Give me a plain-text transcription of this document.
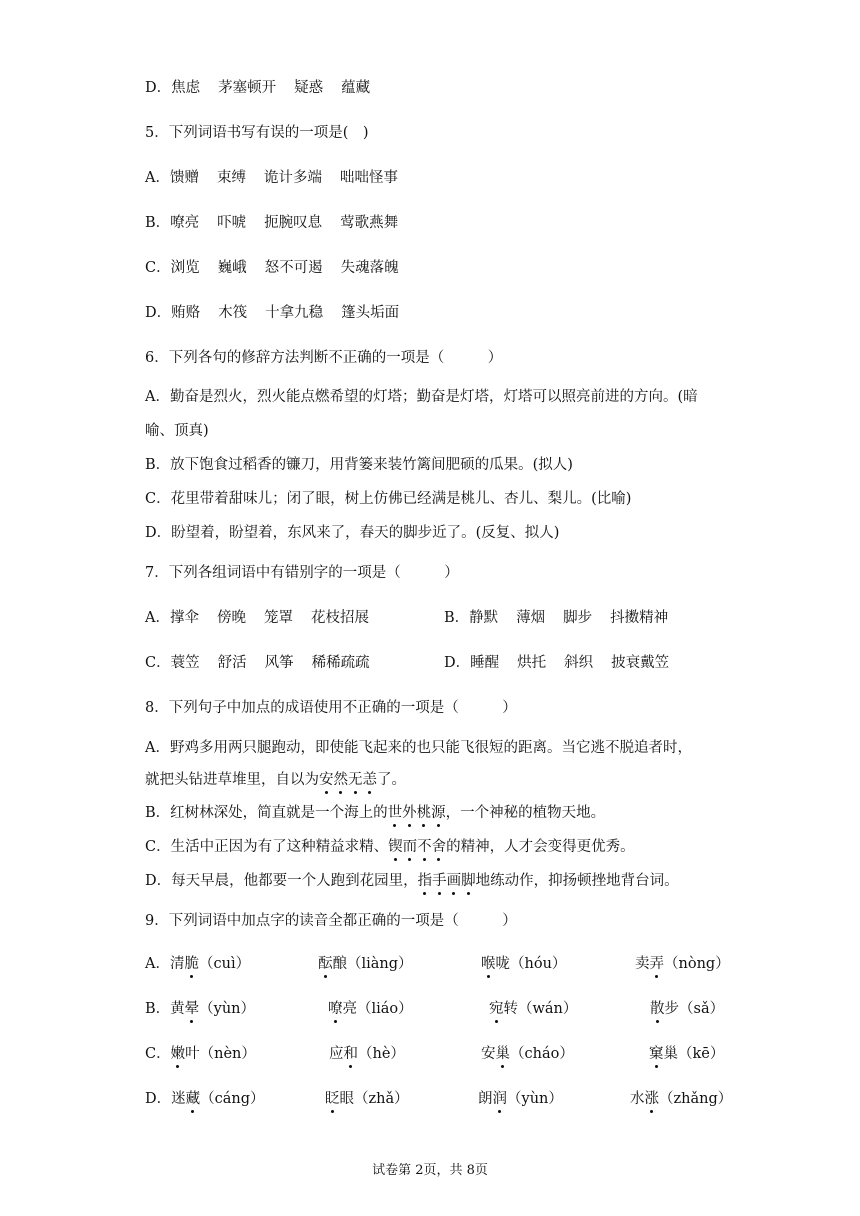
D．焦虑 茅塞顿开 疑惑 蕴藏
5．下列词语书写有误的一项是(　)
A．馈赠 束缚 诡计多端 咄咄怪事
B．嘹亮 吓唬 扼腕叹息 莺歌燕舞
C．浏览 巍峨 怒不可遏 失魂落魄
D．贿赂 木筏 十拿九稳 篷头垢面
6．下列各句的修辞方法判断不正确的一项是（　　　）
A．勤奋是烈火，烈火能点燃希望的灯塔；勤奋是灯塔，灯塔可以照亮前进的方向。(暗
喻、顶真)
B．放下饱食过稻香的镰刀，用背篓来装竹篱间肥硕的瓜果。(拟人)
C．花里带着甜味儿；闭了眼，树上仿佛已经满是桃儿、杏儿、梨儿。(比喻)
D．盼望着，盼望着，东风来了，春天的脚步近了。(反复、拟人)
7．下列各组词语中有错别字的一项是（　　　）
A．撑伞 傍晚 笼罩 花枝招展	B．静默 薄烟 脚步 抖擞精神
C．蓑笠 舒活 风筝 稀稀疏疏	D．睡醒 烘托 斜织 披衰戴笠
8．下列句子中加点的成语使用不正确的一项是（　　　）
A．野鸡多用两只腿跑动，即使能飞起来的也只能飞很短的距离。当它逃不脱追者时，
就把头钻进草堆里，自以为安然无恙了。
B．红树林深处，简直就是一个海上的世外桃源，一个神秘的植物天地。
C．生活中正因为有了这种精益求精、锲而不舍的精神，人才会变得更优秀。
D．每天早晨，他都要一个人跑到花园里，指手画脚地练动作，抑扬顿挫地背台词。
9．下列词语中加点字的读音全都正确的一项是（　　　）
A．清脆（cuì）	酝酿（liàng）	喉咙（hóu）	卖弄（nòng）
B．黄晕（yùn）	嘹亮（liáo）	宛转（wán）	散步（sǎ）
C．嫩叶（nèn）	应和（hè）	安巢（cháo）	窠巢（kē）
D．迷藏（cáng）	眨眼（zhǎ）	朗润（yùn）	水涨（zhǎng）
试卷第 2页，共 8页
